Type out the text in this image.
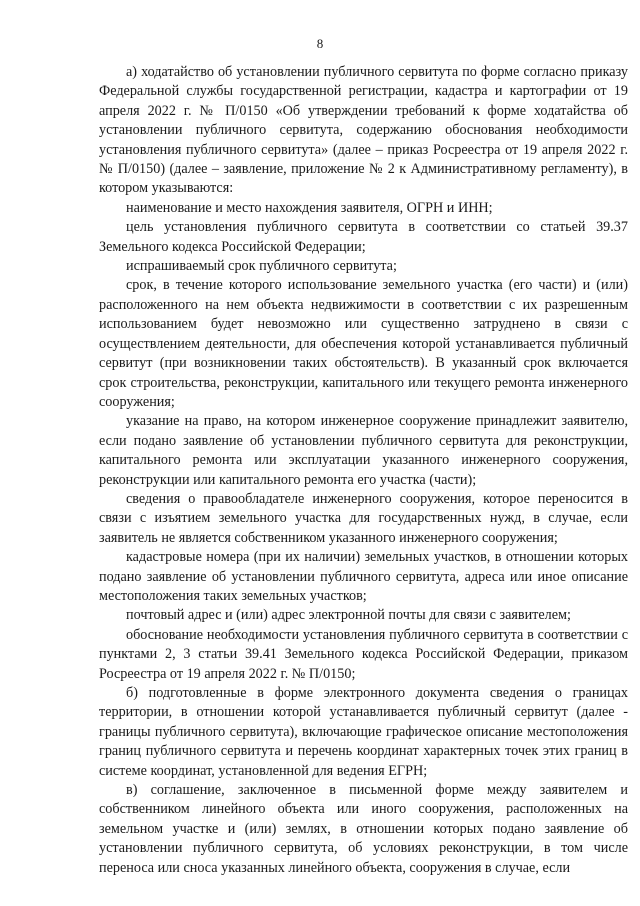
8

а) ходатайство об установлении публичного сервитута по форме согласно приказу Федеральной службы государственной регистрации, кадастра и картографии от 19 апреля 2022 г. № П/0150 «Об утверждении требований к форме ходатайства об установлении публичного сервитута, содержанию обоснования необходимости установления публичного сервитута» (далее – приказ Росреестра от 19 апреля 2022 г. № П/0150) (далее – заявление, приложение № 2 к Административному регламенту), в котором указываются:

наименование и место нахождения заявителя, ОГРН и ИНН;

цель установления публичного сервитута в соответствии со статьей 39.37 Земельного кодекса Российской Федерации;

испрашиваемый срок публичного сервитута;

срок, в течение которого использование земельного участка (его части) и (или) расположенного на нем объекта недвижимости в соответствии с их разрешенным использованием будет невозможно или существенно затруднено в связи с осуществлением деятельности, для обеспечения которой устанавливается публичный сервитут (при возникновении таких обстоятельств). В указанный срок включается срок строительства, реконструкции, капитального или текущего ремонта инженерного сооружения;

указание на право, на котором инженерное сооружение принадлежит заявителю, если подано заявление об установлении публичного сервитута для реконструкции, капитального ремонта или эксплуатации указанного инженерного сооружения, реконструкции или капитального ремонта его участка (части);

сведения о правообладателе инженерного сооружения, которое переносится в связи с изъятием земельного участка для государственных нужд, в случае, если заявитель не является собственником указанного инженерного сооружения;

кадастровые номера (при их наличии) земельных участков, в отношении которых подано заявление об установлении публичного сервитута, адреса или иное описание местоположения таких земельных участков;

почтовый адрес и (или) адрес электронной почты для связи с заявителем;

обоснование необходимости установления публичного сервитута в соответствии с пунктами 2, 3 статьи 39.41 Земельного кодекса Российской Федерации, приказом Росреестра от 19 апреля 2022 г. № П/0150;

б) подготовленные в форме электронного документа сведения о границах территории, в отношении которой устанавливается публичный сервитут (далее - границы публичного сервитута), включающие графическое описание местоположения границ публичного сервитута и перечень координат характерных точек этих границ в системе координат, установленной для ведения ЕГРН;

в) соглашение, заключенное в письменной форме между заявителем и собственником линейного объекта или иного сооружения, расположенных на земельном участке и (или) землях, в отношении которых подано заявление об установлении публичного сервитута, об условиях реконструкции, в том числе переноса или сноса указанных линейного объекта, сооружения в случае, если
